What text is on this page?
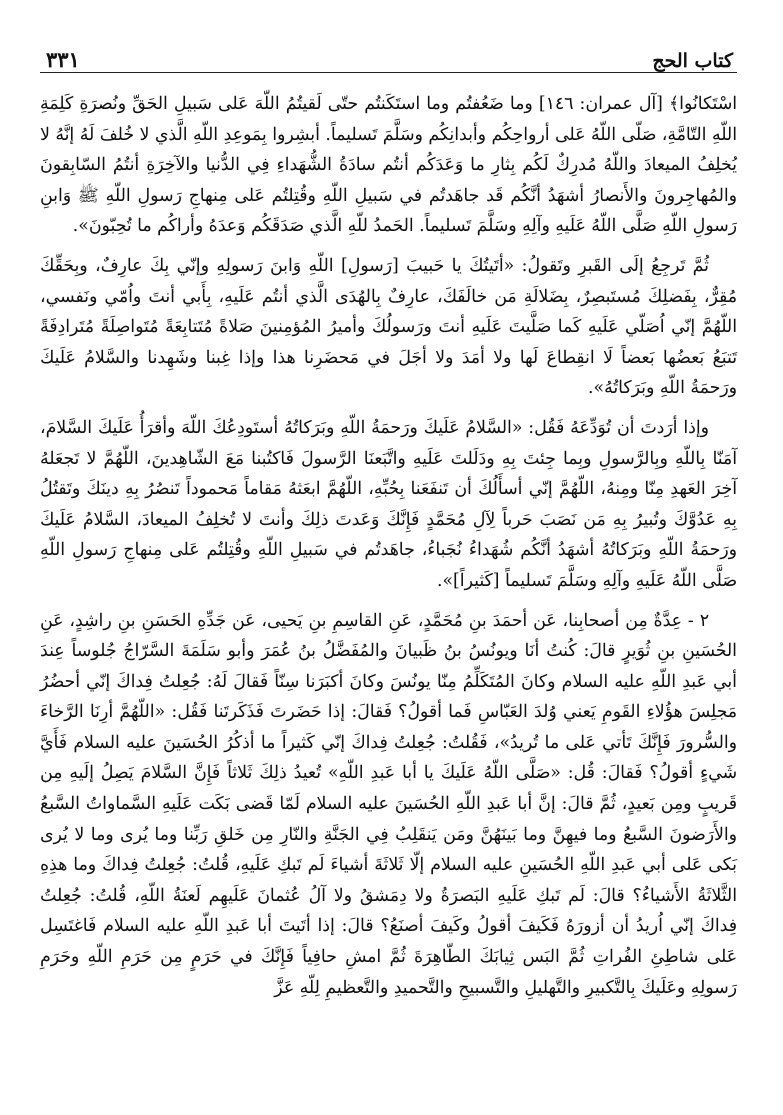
كتاب الحج
٣٣١

اسْتَكانُوا﴾ [آل عمران: ١٤٦] وما ضَعُفتُم وما استَكَنتُم حتّى لَقيتُمُ اللّهَ عَلى سَبيلِ الحَقِّ ونُصرَةِ كَلِمَةِ اللّهِ التّامَّةِ، صَلّى اللّهُ عَلى أرواحِكُم وأبدانِكُم وسَلَّمَ تَسليماً. أبشِروا بِمَوعِدِ اللّهِ الَّذي لا خُلفَ لَهُ إنَّهُ لا يُخلِفُ الميعادَ واللّهُ مُدرِكٌ لَكُم بِثارِ ما وَعَدَكُم أنتُم سادَةُ الشُّهَداءِ فِي الدُّنيا والآخِرَةِ أنتُمُ السّابِقونَ والمُهاجِرونَ والأَنصارُ أشهَدُ أنَّكُم قَد جاهَدتُم في سَبيلِ اللّهِ وقُتِلتُم عَلى مِنهاجِ رَسولِ اللّهِ ﷺ وَابنِ رَسولِ اللّهِ صَلَّى اللّهُ عَلَيهِ وآلِهِ وسَلَّمَ تَسليماً. الحَمدُ للّهِ الَّذي صَدَقَكُم وَعدَهُ وأراكُم ما تُحِبّونَ».

ثُمَّ تَرجِعُ إلَى القَبرِ وتَقولُ: «أتَيتُكَ يا حَبيبَ [رَسولِ] اللّهِ وَابنَ رَسولِهِ وإنّي بِكَ عارِفٌ، وبِحَقِّكَ مُقِرٌّ، بِفَضلِكَ مُستَبصِرٌ، بِضَلالَةِ مَن خالَفَكَ، عارِفٌ بِالهُدَى الَّذي أنتُم عَلَيهِ، بِأَبي أنتَ واُمّي ونَفسي، اللّهُمَّ إنّي اُصَلّي عَلَيهِ كَما صَلَّيتَ عَلَيهِ أنتَ ورَسولُكَ وأميرُ المُؤمِنينَ صَلاةً مُتَتابِعَةً مُتَواصِلَةً مُتَرادِفَةً تَتبَعُ بَعضُها بَعضاً لَا انقِطاعَ لَها ولا أمَدَ ولا أجَلَ في مَحضَرِنا هذا وإذا غِبنا وشَهِدنا والسَّلامُ عَلَيكَ ورَحمَةُ اللّهِ وبَرَكاتُهُ».

وإذا أرَدتَ أن تُوَدِّعَهُ فَقُل: «السَّلامُ عَلَيكَ ورَحمَةُ اللّهِ وبَرَكاتُهُ أستَودِعُكَ اللّهَ وأقرَأُ عَلَيكَ السَّلامَ، آمَنّا بِاللّهِ وبِالرَّسولِ وبِما جِئتَ بِهِ ودَلَلتَ عَلَيهِ واتَّبَعنَا الرَّسولَ فَاكتُبنا مَعَ الشّاهِدينَ، اللّهُمَّ لا تَجعَلهُ آخِرَ العَهدِ مِنّا ومِنهُ، اللّهُمَّ إنّي أسأَلُكَ أن تَنفَعَنا بِحُبِّهِ، اللّهُمَّ ابعَثهُ مَقاماً مَحموداً تَنصُرُ بِهِ دينَكَ وتَقتُلُ بِهِ عَدُوَّكَ وتُبيرُ بِهِ مَن نَصَبَ حَرباً لِآلِ مُحَمَّدٍ فَإِنَّكَ وَعَدتَ ذلِكَ وأنتَ لا تُخلِفُ الميعادَ، السَّلامُ عَلَيكَ ورَحمَةُ اللّهِ وبَرَكاتُهُ أشهَدُ أنَّكُم شُهَداءُ نُجَباءُ، جاهَدتُم في سَبيلِ اللّهِ وقُتِلتُم عَلى مِنهاجِ رَسولِ اللّهِ صَلَّى اللّهُ عَلَيهِ وآلِهِ وسَلَّمَ تَسليماً [كَثيراً]».

٢ - عِدَّةٌ مِن أصحابِنا، عَن أحمَدَ بنِ مُحَمَّدٍ، عَنِ القاسِمِ بنِ يَحيى، عَن جَدِّهِ الحَسَنِ بنِ راشِدٍ، عَنِ الحُسَينِ بنِ ثُوَيرٍ قالَ: كُنتُ أنَا ويونُسُ بنُ ظَبيانَ والمُفَضَّلُ بنُ عُمَرَ وأبو سَلَمَةَ السَّرّاجُ جُلوساً عِندَ أبي عَبدِ اللّهِ عليه السلام وكانَ المُتَكَلِّمُ مِنّا يونُسَ وكانَ أكبَرَنا سِنّاً فَقالَ لَهُ: جُعِلتُ فِداكَ إنّي أحضُرُ مَجلِسَ هؤُلاءِ القَومِ يَعني وُلدَ العَبّاسِ فَما أقولُ؟ فَقالَ: إذا حَضَرتَ فَذَكَرتَنا فَقُل: «اللّهُمَّ أرِنَا الرَّخاءَ والسُّرورَ فَإِنَّكَ تَأتي عَلى ما تُريدُ»، فَقُلتُ: جُعِلتُ فِداكَ إنّي كَثيراً ما أذكُرُ الحُسَينَ عليه السلام فَأَيَّ شَيءٍ أقولُ؟ فَقالَ: قُل: «صَلَّى اللّهُ عَلَيكَ يا أبا عَبدِ اللّهِ» تُعيدُ ذلِكَ ثَلاثاً فَإِنَّ السَّلامَ يَصِلُ إلَيهِ مِن قَريبٍ ومِن بَعيدٍ، ثُمَّ قالَ: إنَّ أبا عَبدِ اللّهِ الحُسَينَ عليه السلام لَمّا قَضى بَكَت عَلَيهِ السَّماواتُ السَّبعُ والأَرَضونَ السَّبعُ وما فيهِنَّ وما بَينَهُنَّ ومَن يَنقَلِبُ فِي الجَنَّةِ والنّارِ مِن خَلقِ رَبِّنا وما يُرى وما لا يُرى بَكى عَلى أبي عَبدِ اللّهِ الحُسَينِ عليه السلام إلّا ثَلاثَةَ أشياءَ لَم تَبكِ عَلَيهِ، قُلتُ: جُعِلتُ فِداكَ وما هذِهِ الثَّلاثَةُ الأَشياءُ؟ قالَ: لَم تَبكِ عَلَيهِ البَصرَةُ ولا دِمَشقُ ولا آلُ عُثمانَ عَلَيهِم لَعنَةُ اللّهِ، قُلتُ: جُعِلتُ فِداكَ إنّي اُريدُ أن أزورَهُ فَكَيفَ أقولُ وكَيفَ أصنَعُ؟ قالَ: إذا أتَيتَ أبا عَبدِ اللّهِ عليه السلام فَاغتَسِل عَلى شاطِئِ الفُراتِ ثُمَّ البَس ثِيابَكَ الطّاهِرَةَ ثُمَّ امشِ حافِياً فَإِنَّكَ في حَرَمٍ مِن حَرَمِ اللّهِ وحَرَمِ رَسولِهِ وعَلَيكَ بِالتَّكبيرِ والتَّهليلِ والتَّسبيحِ والتَّحميدِ والتَّعظيمِ لِلّهِ عَزَّ
